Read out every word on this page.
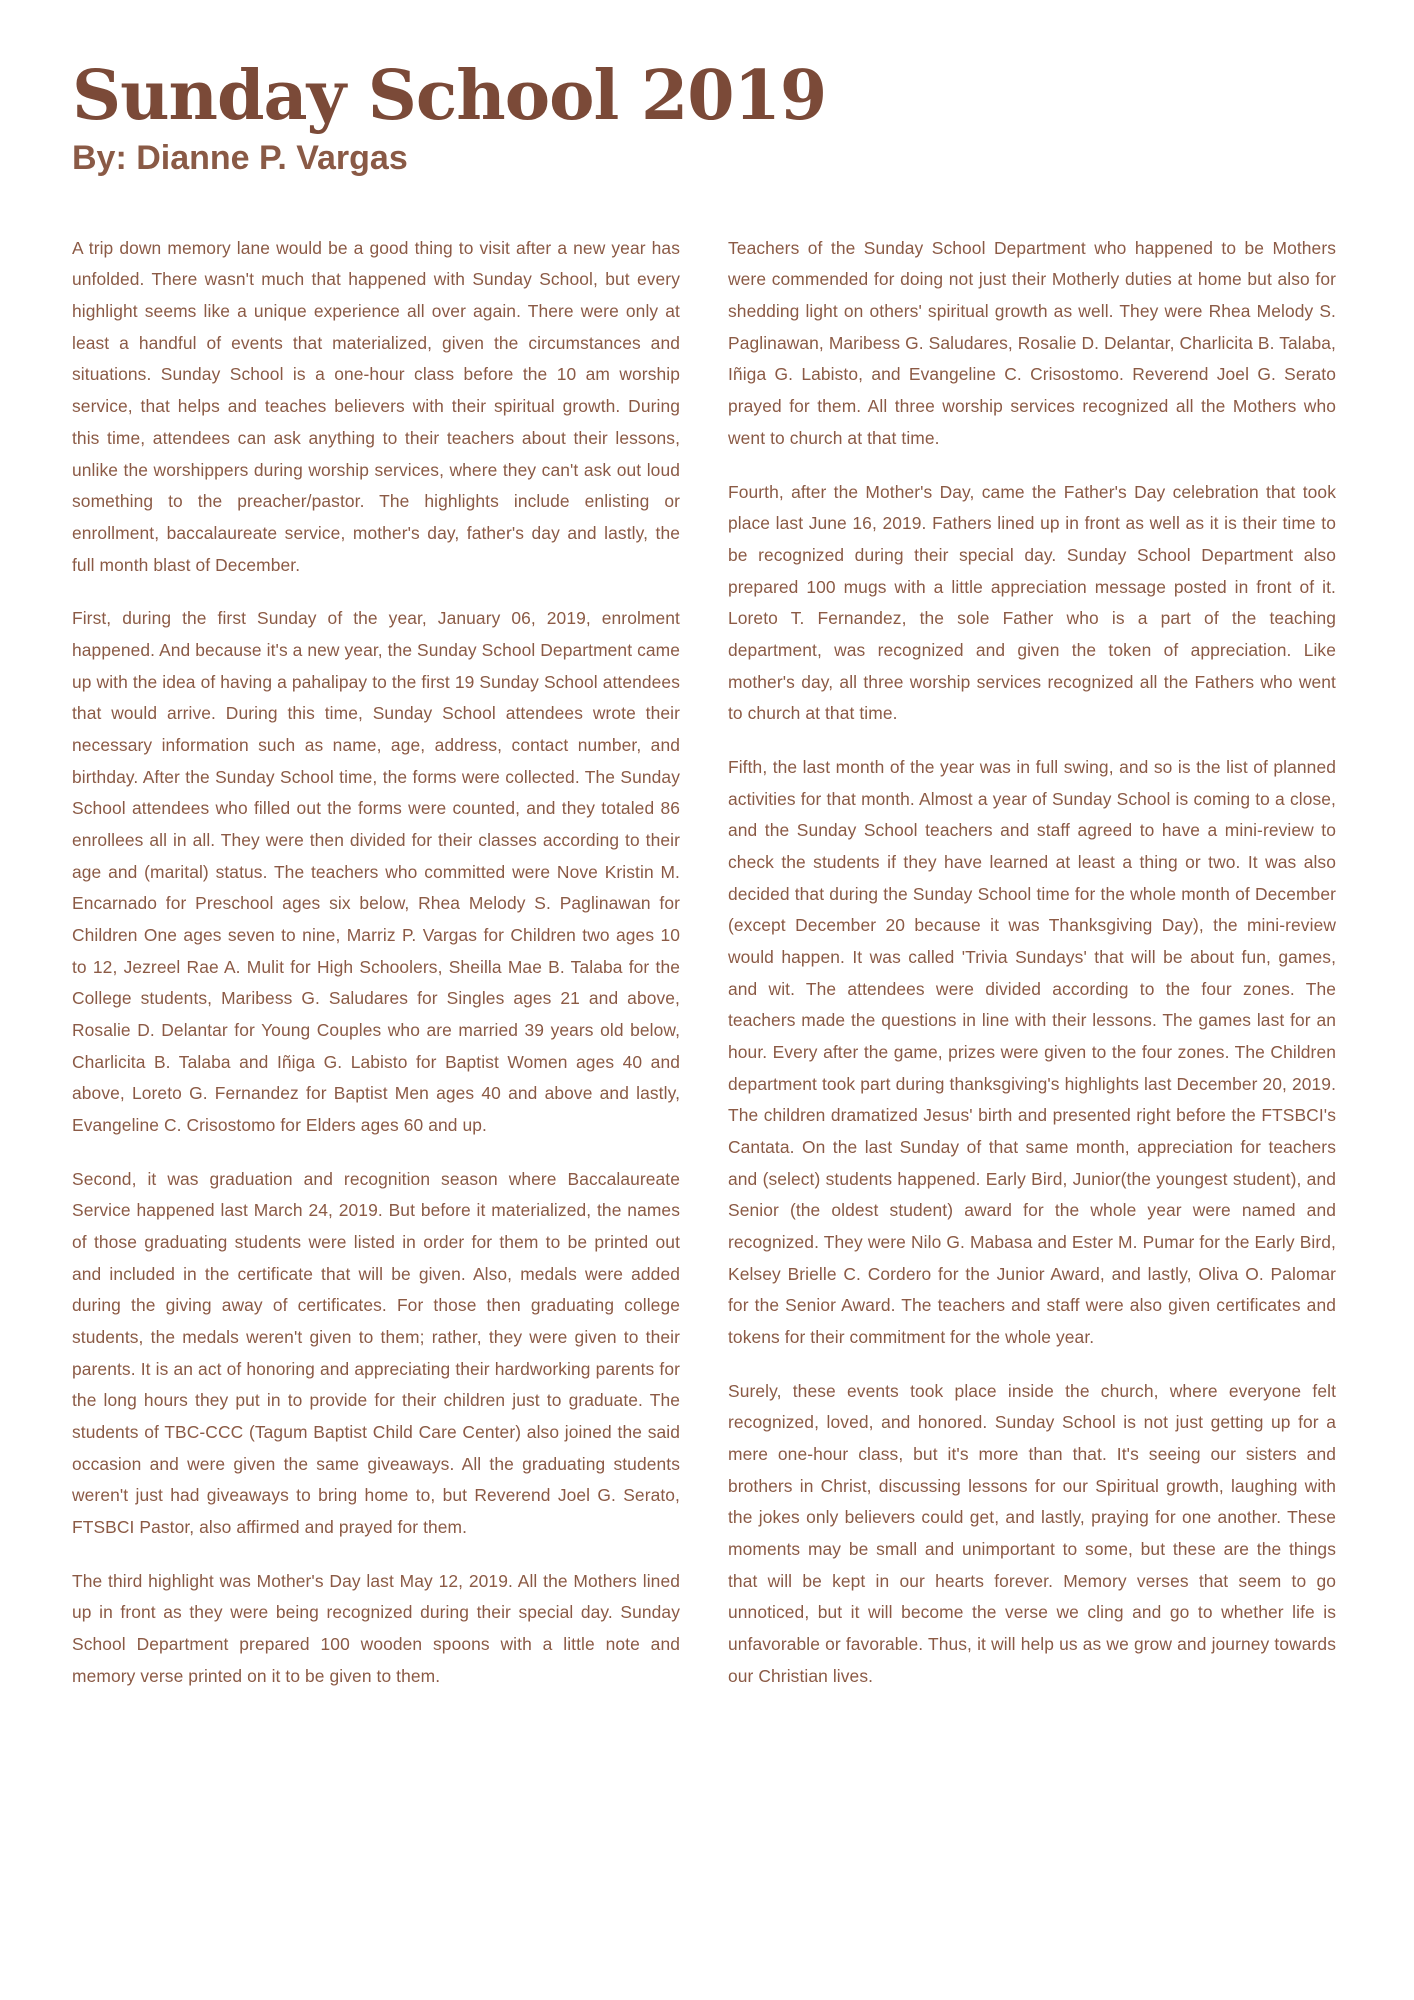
Sunday School 2019
By: Dianne P. Vargas

A trip down memory lane would be a good thing to visit after a new year has unfolded. There wasn't much that happened with Sunday School, but every highlight seems like a unique experience all over again. There were only at least a handful of events that materialized, given the circumstances and situations. Sunday School is a one-hour class before the 10 am worship service, that helps and teaches believers with their spiritual growth. During this time, attendees can ask anything to their teachers about their lessons, unlike the worshippers during worship services, where they can't ask out loud something to the preacher/pastor. The highlights include enlisting or enrollment, baccalaureate service, mother's day, father's day and lastly, the full month blast of December.

First, during the first Sunday of the year, January 06, 2019, enrolment happened. And because it's a new year, the Sunday School Department came up with the idea of having a pahalipay to the first 19 Sunday School attendees that would arrive. During this time, Sunday School attendees wrote their necessary information such as name, age, address, contact number, and birthday. After the Sunday School time, the forms were collected. The Sunday School attendees who filled out the forms were counted, and they totaled 86 enrollees all in all. They were then divided for their classes according to their age and (marital) status. The teachers who committed were Nove Kristin M. Encarnado for Preschool ages six below, Rhea Melody S. Paglinawan for Children One ages seven to nine, Marriz P. Vargas for Children two ages 10 to 12, Jezreel Rae A. Mulit for High Schoolers, Sheilla Mae B. Talaba for the College students, Maribess G. Saludares for Singles ages 21 and above, Rosalie D. Delantar for Young Couples who are married 39 years old below, Charlicita B. Talaba and Iñiga G. Labisto for Baptist Women ages 40 and above, Loreto G. Fernandez for Baptist Men ages 40 and above and lastly, Evangeline C. Crisostomo for Elders ages 60 and up.

Second, it was graduation and recognition season where Baccalaureate Service happened last March 24, 2019. But before it materialized, the names of those graduating students were listed in order for them to be printed out and included in the certificate that will be given. Also, medals were added during the giving away of certificates. For those then graduating college students, the medals weren't given to them; rather, they were given to their parents. It is an act of honoring and appreciating their hardworking parents for the long hours they put in to provide for their children just to graduate. The students of TBC-CCC (Tagum Baptist Child Care Center) also joined the said occasion and were given the same giveaways. All the graduating students weren't just had giveaways to bring home to, but Reverend Joel G. Serato, FTSBCI Pastor, also affirmed and prayed for them.

The third highlight was Mother's Day last May 12, 2019. All the Mothers lined up in front as they were being recognized during their special day. Sunday School Department prepared 100 wooden spoons with a little note and memory verse printed on it to be given to them.

Teachers of the Sunday School Department who happened to be Mothers were commended for doing not just their Motherly duties at home but also for shedding light on others' spiritual growth as well. They were Rhea Melody S. Paglinawan, Maribess G. Saludares, Rosalie D. Delantar, Charlicita B. Talaba, Iñiga G. Labisto, and Evangeline C. Crisostomo. Reverend Joel G. Serato prayed for them. All three worship services recognized all the Mothers who went to church at that time.

Fourth, after the Mother's Day, came the Father's Day celebration that took place last June 16, 2019. Fathers lined up in front as well as it is their time to be recognized during their special day. Sunday School Department also prepared 100 mugs with a little appreciation message posted in front of it. Loreto T. Fernandez, the sole Father who is a part of the teaching department, was recognized and given the token of appreciation. Like mother's day, all three worship services recognized all the Fathers who went to church at that time.

Fifth, the last month of the year was in full swing, and so is the list of planned activities for that month. Almost a year of Sunday School is coming to a close, and the Sunday School teachers and staff agreed to have a mini-review to check the students if they have learned at least a thing or two. It was also decided that during the Sunday School time for the whole month of December (except December 20 because it was Thanksgiving Day), the mini-review would happen. It was called 'Trivia Sundays' that will be about fun, games, and wit. The attendees were divided according to the four zones. The teachers made the questions in line with their lessons. The games last for an hour. Every after the game, prizes were given to the four zones. The Children department took part during thanksgiving's highlights last December 20, 2019. The children dramatized Jesus' birth and presented right before the FTSBCI's Cantata. On the last Sunday of that same month, appreciation for teachers and (select) students happened. Early Bird, Junior(the youngest student), and Senior (the oldest student) award for the whole year were named and recognized. They were Nilo G. Mabasa and Ester M. Pumar for the Early Bird, Kelsey Brielle C. Cordero for the Junior Award, and lastly, Oliva O. Palomar for the Senior Award. The teachers and staff were also given certificates and tokens for their commitment for the whole year.

Surely, these events took place inside the church, where everyone felt recognized, loved, and honored. Sunday School is not just getting up for a mere one-hour class, but it's more than that. It's seeing our sisters and brothers in Christ, discussing lessons for our Spiritual growth, laughing with the jokes only believers could get, and lastly, praying for one another. These moments may be small and unimportant to some, but these are the things that will be kept in our hearts forever. Memory verses that seem to go unnoticed, but it will become the verse we cling and go to whether life is unfavorable or favorable. Thus, it will help us as we grow and journey towards our Christian lives.
